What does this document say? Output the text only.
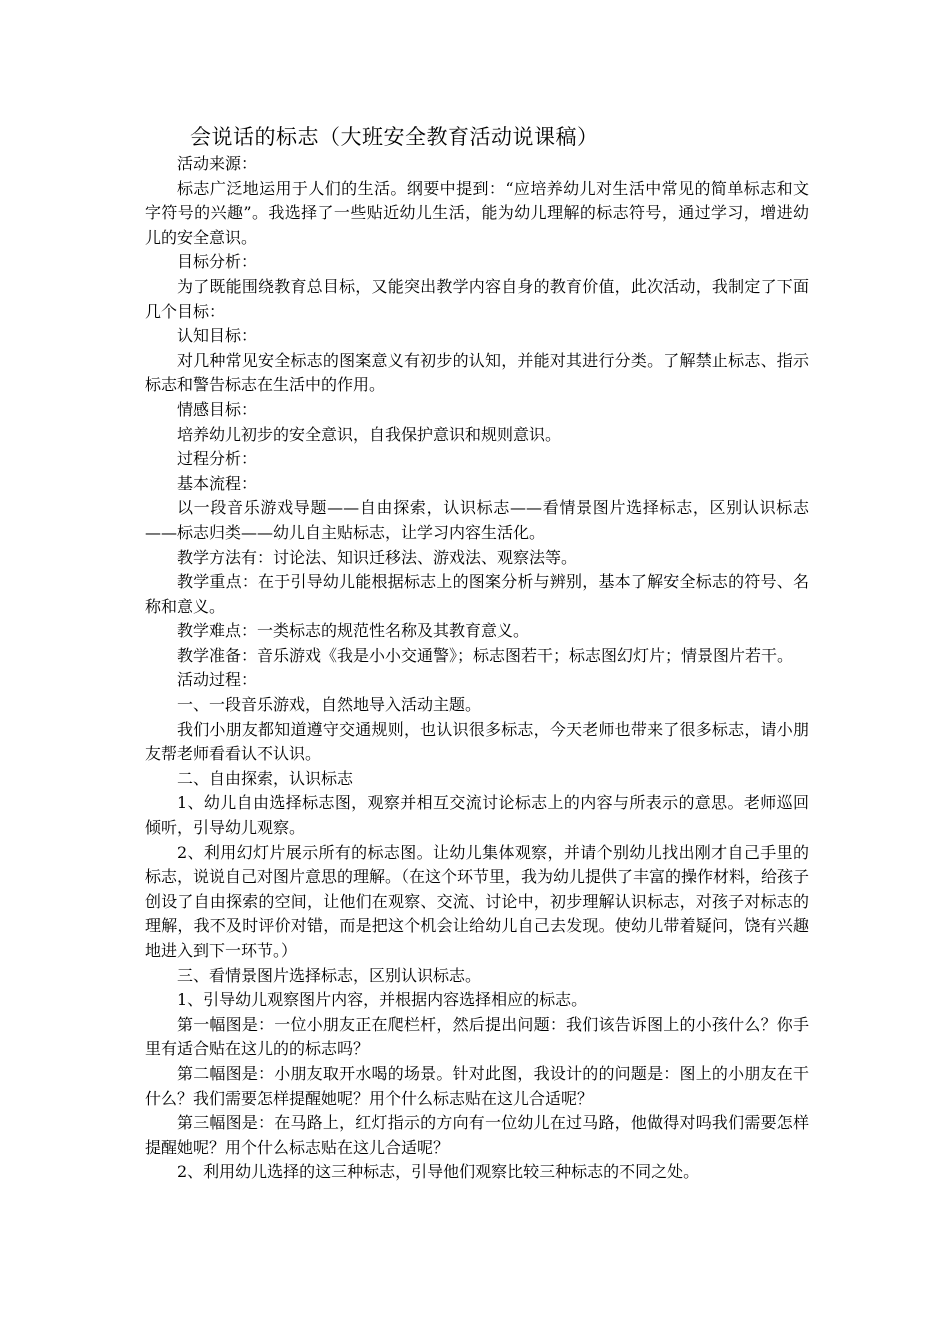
会说话的标志（大班安全教育活动说课稿）

活动来源：

标志广泛地运用于人们的生活。纲要中提到：“应培养幼儿对生活中常见的简单标志和文字符号的兴趣”。我选择了一些贴近幼儿生活，能为幼儿理解的标志符号，通过学习，增进幼儿的安全意识。

目标分析：

为了既能围绕教育总目标，又能突出教学内容自身的教育价值，此次活动，我制定了下面几个目标：

认知目标：

对几种常见安全标志的图案意义有初步的认知，并能对其进行分类。了解禁止标志、指示标志和警告标志在生活中的作用。

情感目标：

培养幼儿初步的安全意识，自我保护意识和规则意识。

过程分析：

基本流程：

以一段音乐游戏导题——自由探索，认识标志——看情景图片选择标志，区别认识标志——标志归类——幼儿自主贴标志，让学习内容生活化。

教学方法有：讨论法、知识迁移法、游戏法、观察法等。

教学重点：在于引导幼儿能根据标志上的图案分析与辨别，基本了解安全标志的符号、名称和意义。

教学难点：一类标志的规范性名称及其教育意义。

教学准备：音乐游戏《我是小小交通警》；标志图若干；标志图幻灯片；情景图片若干。

活动过程：

一、一段音乐游戏，自然地导入活动主题。

我们小朋友都知道遵守交通规则，也认识很多标志，今天老师也带来了很多标志，请小朋友帮老师看看认不认识。

二、自由探索，认识标志

1、幼儿自由选择标志图，观察并相互交流讨论标志上的内容与所表示的意思。老师巡回倾听，引导幼儿观察。

2、利用幻灯片展示所有的标志图。让幼儿集体观察，并请个别幼儿找出刚才自己手里的标志，说说自己对图片意思的理解。（在这个环节里，我为幼儿提供了丰富的操作材料，给孩子创设了自由探索的空间，让他们在观察、交流、讨论中，初步理解认识标志，对孩子对标志的理解，我不及时评价对错，而是把这个机会让给幼儿自己去发现。使幼儿带着疑问，饶有兴趣地进入到下一环节。）

三、看情景图片选择标志，区别认识标志。

1、引导幼儿观察图片内容，并根据内容选择相应的标志。

第一幅图是：一位小朋友正在爬栏杆，然后提出问题：我们该告诉图上的小孩什么？你手里有适合贴在这儿的的标志吗？

第二幅图是：小朋友取开水喝的场景。针对此图，我设计的的问题是：图上的小朋友在干什么？我们需要怎样提醒她呢？用个什么标志贴在这儿合适呢？

第三幅图是：在马路上，红灯指示的方向有一位幼儿在过马路，他做得对吗我们需要怎样提醒她呢？用个什么标志贴在这儿合适呢？

2、利用幼儿选择的这三种标志，引导他们观察比较三种标志的不同之处。
